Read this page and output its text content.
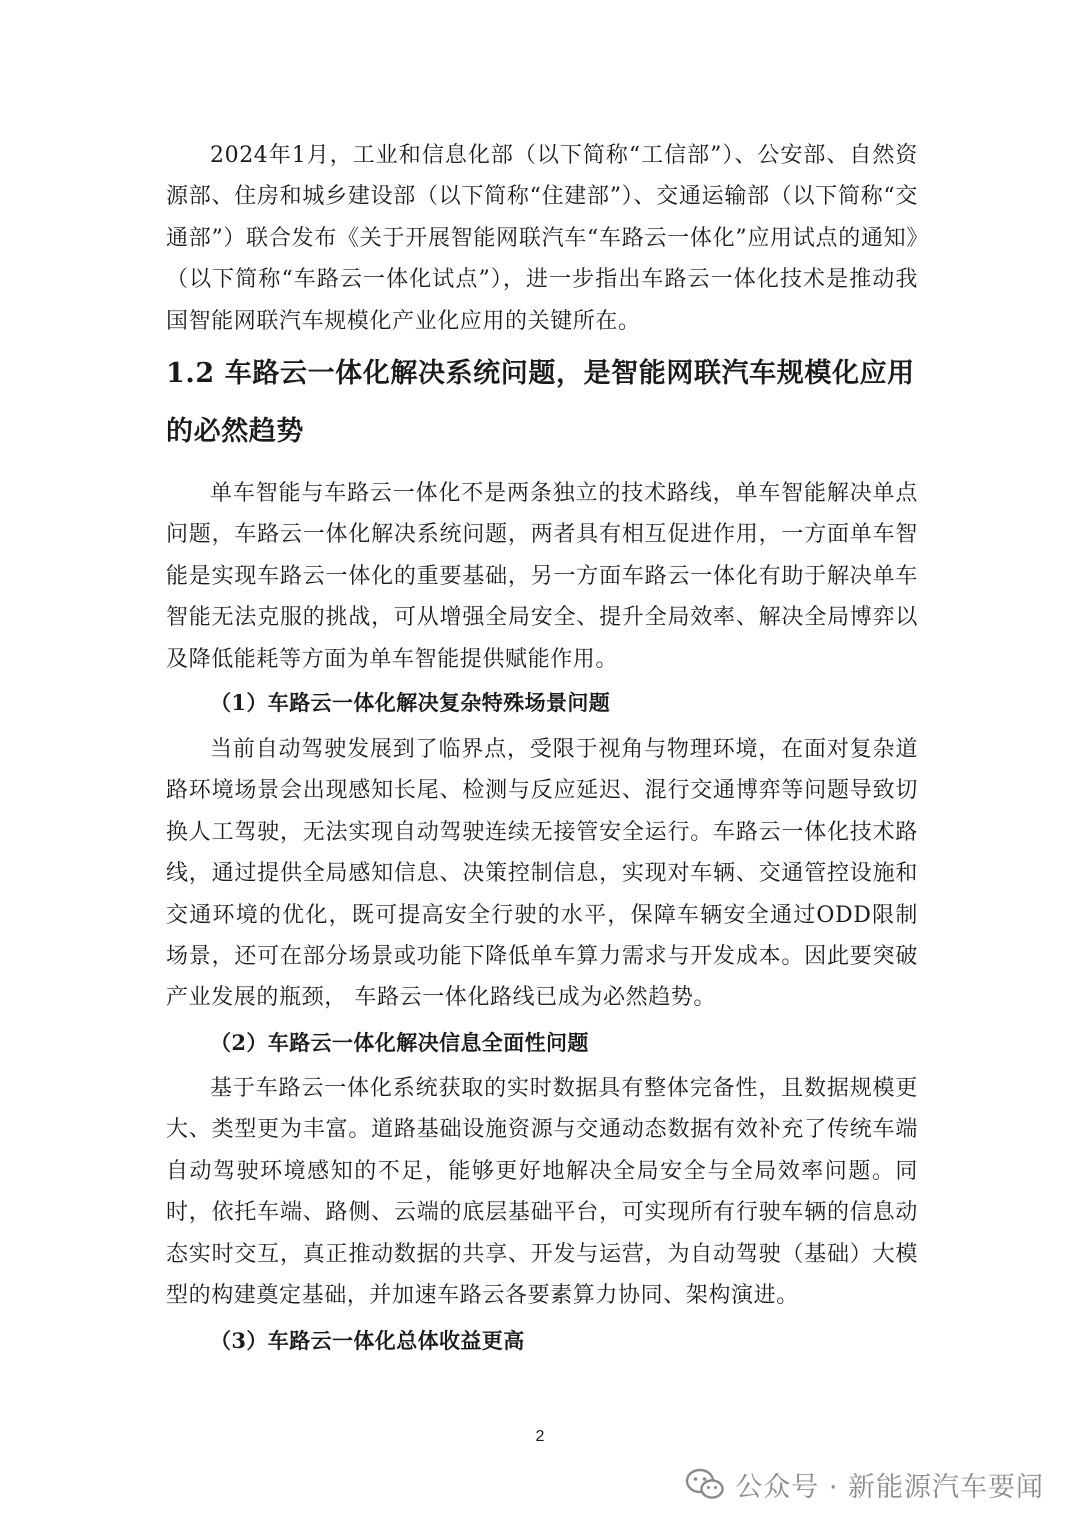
2024年1月，工业和信息化部（以下简称“工信部”）、公安部、自然资源部、住房和城乡建设部（以下简称“住建部”）、交通运输部（以下简称“交通部”）联合发布《关于开展智能网联汽车“车路云一体化”应用试点的通知》（以下简称“车路云一体化试点”），进一步指出车路云一体化技术是推动我国智能网联汽车规模化产业化应用的关键所在。

1.2 车路云一体化解决系统问题，是智能网联汽车规模化应用的必然趋势

单车智能与车路云一体化不是两条独立的技术路线，单车智能解决单点问题，车路云一体化解决系统问题，两者具有相互促进作用，一方面单车智能是实现车路云一体化的重要基础，另一方面车路云一体化有助于解决单车智能无法克服的挑战，可从增强全局安全、提升全局效率、解决全局博弈以及降低能耗等方面为单车智能提供赋能作用。

（1）车路云一体化解决复杂特殊场景问题

当前自动驾驶发展到了临界点，受限于视角与物理环境，在面对复杂道路环境场景会出现感知长尾、检测与反应延迟、混行交通博弈等问题导致切换人工驾驶，无法实现自动驾驶连续无接管安全运行。车路云一体化技术路线，通过提供全局感知信息、决策控制信息，实现对车辆、交通管控设施和交通环境的优化，既可提高安全行驶的水平，保障车辆安全通过ODD限制场景，还可在部分场景或功能下降低单车算力需求与开发成本。因此要突破产业发展的瓶颈， 车路云一体化路线已成为必然趋势。

（2）车路云一体化解决信息全面性问题

基于车路云一体化系统获取的实时数据具有整体完备性，且数据规模更大、类型更为丰富。道路基础设施资源与交通动态数据有效补充了传统车端自动驾驶环境感知的不足，能够更好地解决全局安全与全局效率问题。同时，依托车端、路侧、云端的底层基础平台，可实现所有行驶车辆的信息动态实时交互，真正推动数据的共享、开发与运营，为自动驾驶（基础）大模型的构建奠定基础，并加速车路云各要素算力协同、架构演进。

（3）车路云一体化总体收益更高
2
公众号 · 新能源汽车要闻
